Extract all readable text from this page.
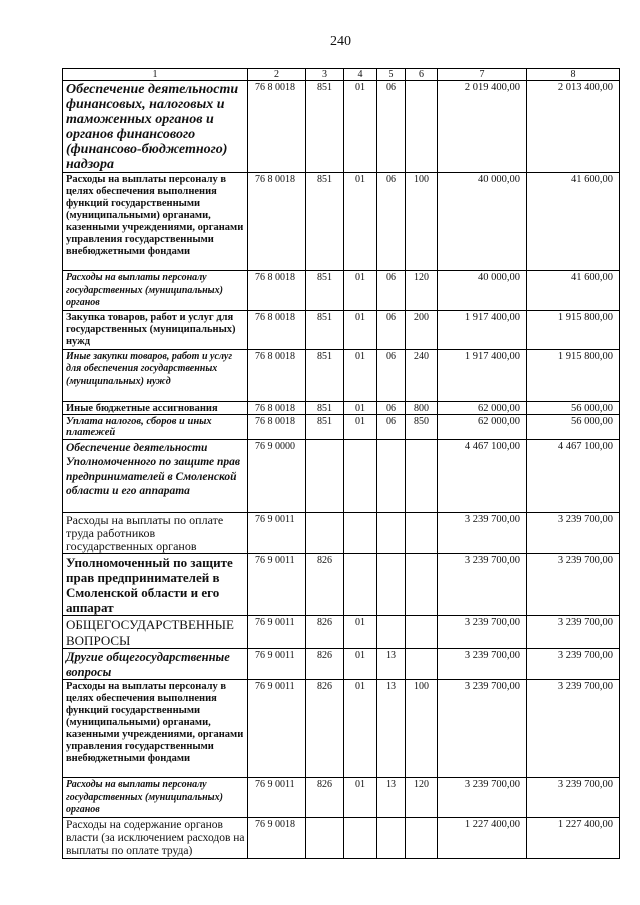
240
1	2	3	4	5	6	7	8
Обеспечение деятельности финансовых, налоговых и таможенных органов и органов финансового (финансово-бюджетного) надзора	76 8 0018	851	01	06		2 019 400,00	2 013 400,00
Расходы на выплаты персоналу в целях обеспечения выполнения функций государственными (муниципальными) органами, казенными учреждениями, органами управления государственными внебюджетными фондами	76 8 0018	851	01	06	100	40 000,00	41 600,00
Расходы на выплаты персоналу государственных (муниципальных) органов	76 8 0018	851	01	06	120	40 000,00	41 600,00
Закупка товаров, работ и услуг для государственных (муниципальных) нужд	76 8 0018	851	01	06	200	1 917 400,00	1 915 800,00
Иные закупки товаров, работ и услуг для обеспечения государственных (муниципальных) нужд	76 8 0018	851	01	06	240	1 917 400,00	1 915 800,00
Иные бюджетные ассигнования	76 8 0018	851	01	06	800	62 000,00	56 000,00
Уплата налогов, сборов и иных платежей	76 8 0018	851	01	06	850	62 000,00	56 000,00
Обеспечение деятельности Уполномоченного по защите прав предпринимателей в Смоленской области и его аппарата	76 9 0000					4 467 100,00	4 467 100,00
Расходы на выплаты по оплате труда работников государственных органов	76 9 0011					3 239 700,00	3 239 700,00
Уполномоченный по защите прав предпринимателей в Смоленской области и его аппарат	76 9 0011	826				3 239 700,00	3 239 700,00
ОБЩЕГОСУДАРСТВЕННЫЕ ВОПРОСЫ	76 9 0011	826	01			3 239 700,00	3 239 700,00
Другие общегосударственные вопросы	76 9 0011	826	01	13		3 239 700,00	3 239 700,00
Расходы на выплаты персоналу в целях обеспечения выполнения функций государственными (муниципальными) органами, казенными учреждениями, органами управления государственными внебюджетными фондами	76 9 0011	826	01	13	100	3 239 700,00	3 239 700,00
Расходы на выплаты персоналу государственных (муниципальных) органов	76 9 0011	826	01	13	120	3 239 700,00	3 239 700,00
Расходы на содержание органов власти (за исключением расходов на выплаты по оплате труда)	76 9 0018					1 227 400,00	1 227 400,00
